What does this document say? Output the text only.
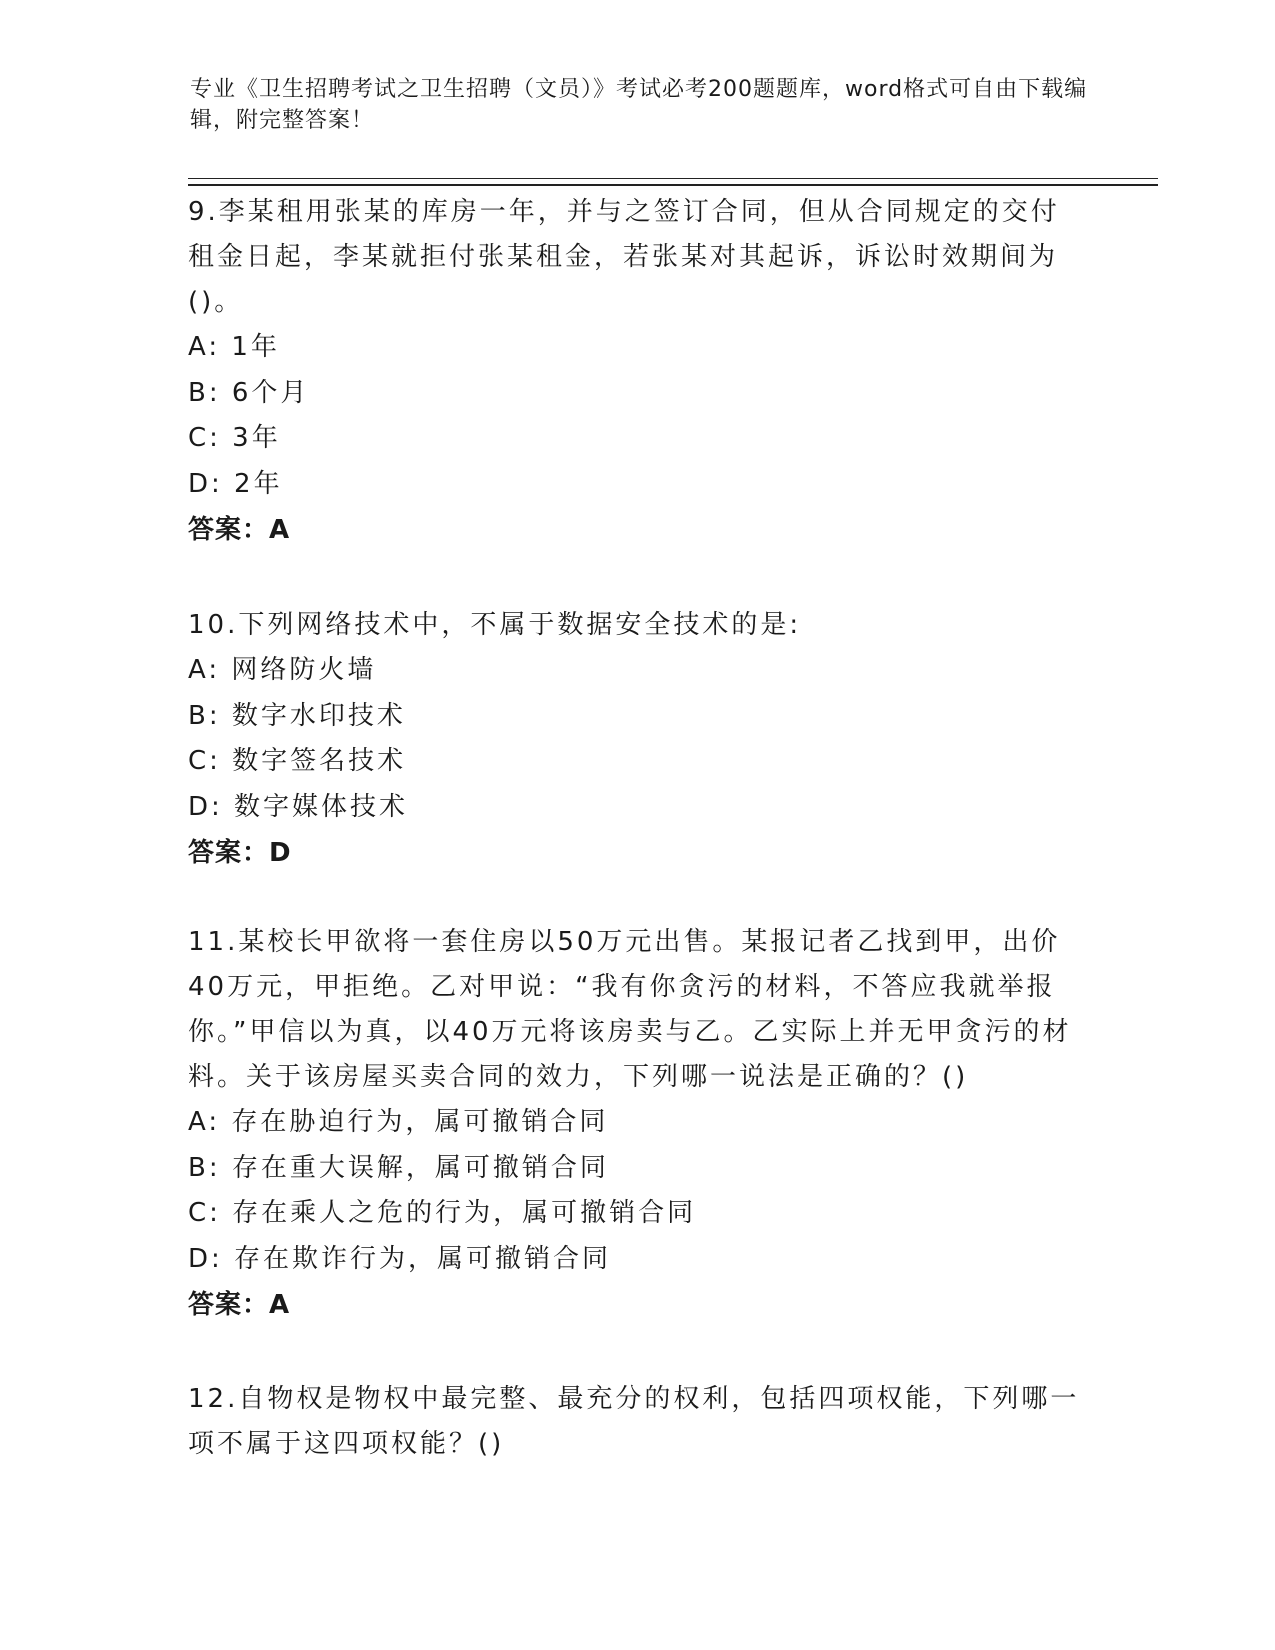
专业《卫生招聘考试之卫生招聘（文员）》考试必考200题题库，word格式可自由下载编辑，附完整答案！

9.李某租用张某的库房一年，并与之签订合同，但从合同规定的交付租金日起，李某就拒付张某租金，若张某对其起诉，诉讼时效期间为()。

A: 1年

B: 6个月

C: 3年

D: 2年

答案：A

10.下列网络技术中，不属于数据安全技术的是:

A: 网络防火墙

B: 数字水印技术

C: 数字签名技术

D: 数字媒体技术

答案：D

11.某校长甲欲将一套住房以50万元出售。某报记者乙找到甲，出价40万元，甲拒绝。乙对甲说：“我有你贪污的材料，不答应我就举报你。”甲信以为真，以40万元将该房卖与乙。乙实际上并无甲贪污的材料。关于该房屋买卖合同的效力，下列哪一说法是正确的？()

A: 存在胁迫行为，属可撤销合同

B: 存在重大误解，属可撤销合同

C: 存在乘人之危的行为，属可撤销合同

D: 存在欺诈行为，属可撤销合同

答案：A

12.自物权是物权中最完整、最充分的权利，包括四项权能，下列哪一项不属于这四项权能？()
